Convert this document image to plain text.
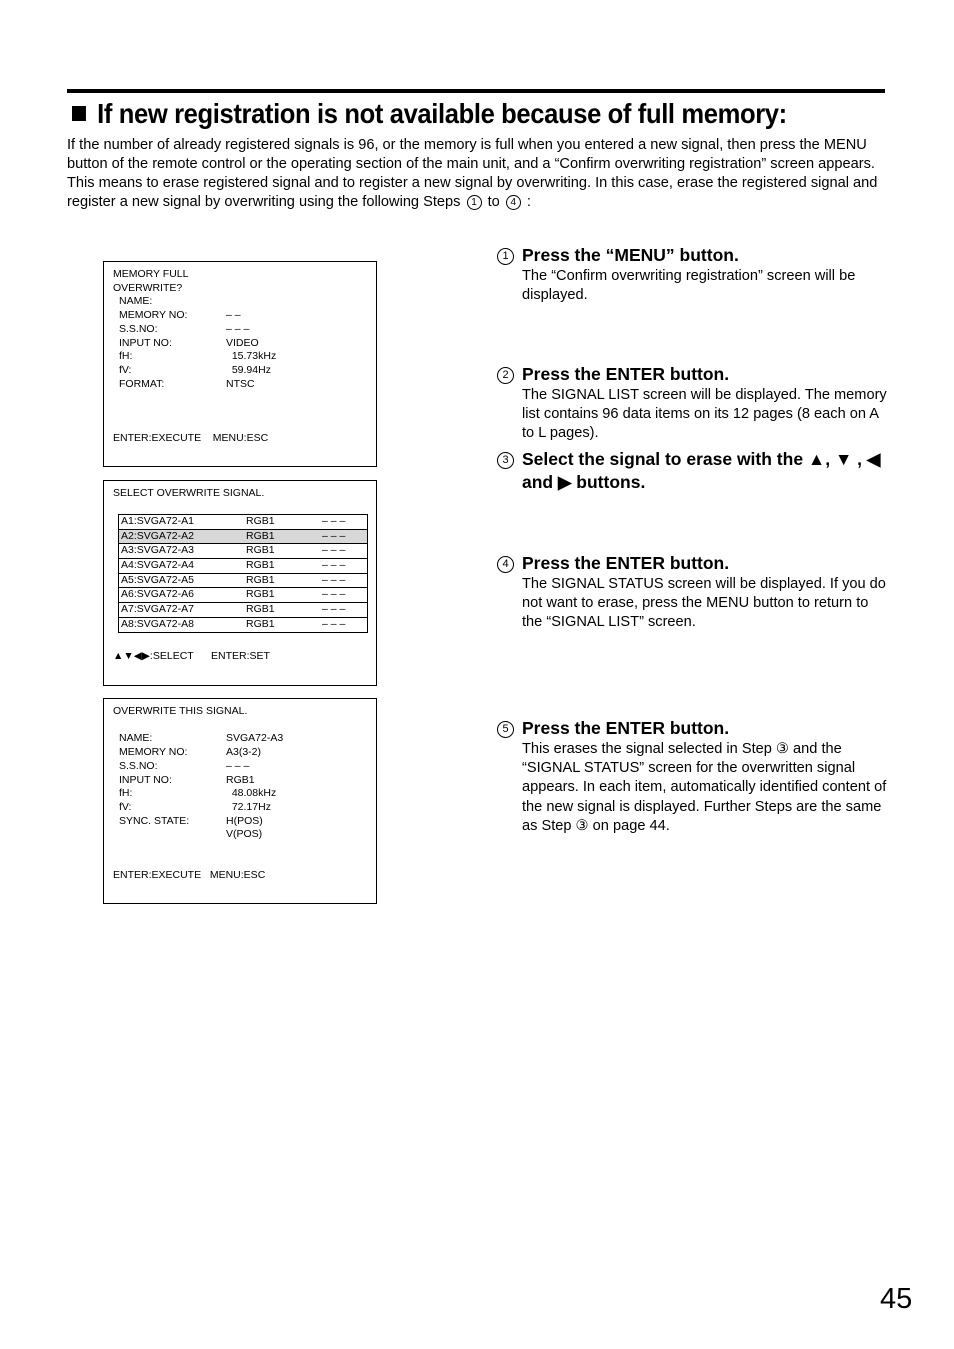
If new registration is not available because of full memory:
If the number of already registered signals is 96, or the memory is full when you entered a new signal, then press the MENU button of the remote control or the operating section of the main unit, and a “Confirm overwriting registration” screen appears. This means to erase registered signal and to register a new signal by overwriting. In this case, erase the registered signal and register a new signal by overwriting using the following Steps 1 to 4 :
MEMORY FULL
OVERWRITE?
NAME:
MEMORY NO:	– –
S.S.NO:	– – –
INPUT NO:	VIDEO
fH:	15.73kHz
fV:	59.94Hz
FORMAT:	NTSC
ENTER:EXECUTE    MENU:ESC
SELECT OVERWRITE SIGNAL.
A1:SVGA72-A1	RGB1	– – –
A2:SVGA72-A2	RGB1	– – –
A3:SVGA72-A3	RGB1	– – –
A4:SVGA72-A4	RGB1	– – –
A5:SVGA72-A5	RGB1	– – –
A6:SVGA72-A6	RGB1	– – –
A7:SVGA72-A7	RGB1	– – –
A8:SVGA72-A8	RGB1	– – –
▲▼◀▶:SELECT      ENTER:SET
OVERWRITE THIS SIGNAL.
NAME:	SVGA72-A3
MEMORY NO:	A3(3-2)
S.S.NO:	– – –
INPUT NO:	RGB1
fH:	48.08kHz
fV:	72.17Hz
SYNC. STATE:	H(POS)
V(POS)
ENTER:EXECUTE   MENU:ESC
1 Press the “MENU” button.
The “Confirm overwriting registration” screen will be displayed.
2 Press the ENTER button.
The SIGNAL LIST screen will be displayed. The memory list contains 96 data items on its 12 pages (8 each on A to L pages).
3 Select the signal to erase with the ▲, ▼ , ◀ and ▶ buttons.
4 Press the ENTER button.
The SIGNAL STATUS screen will be displayed. If you do not want to erase, press the MENU button to return to the “SIGNAL LIST” screen.
5 Press the ENTER button.
This erases the signal selected in Step ③ and the “SIGNAL STATUS” screen for the overwritten signal appears. In each item, automatically identified content of the new signal is displayed. Further Steps are the same as Step ③ on page 44.
45
